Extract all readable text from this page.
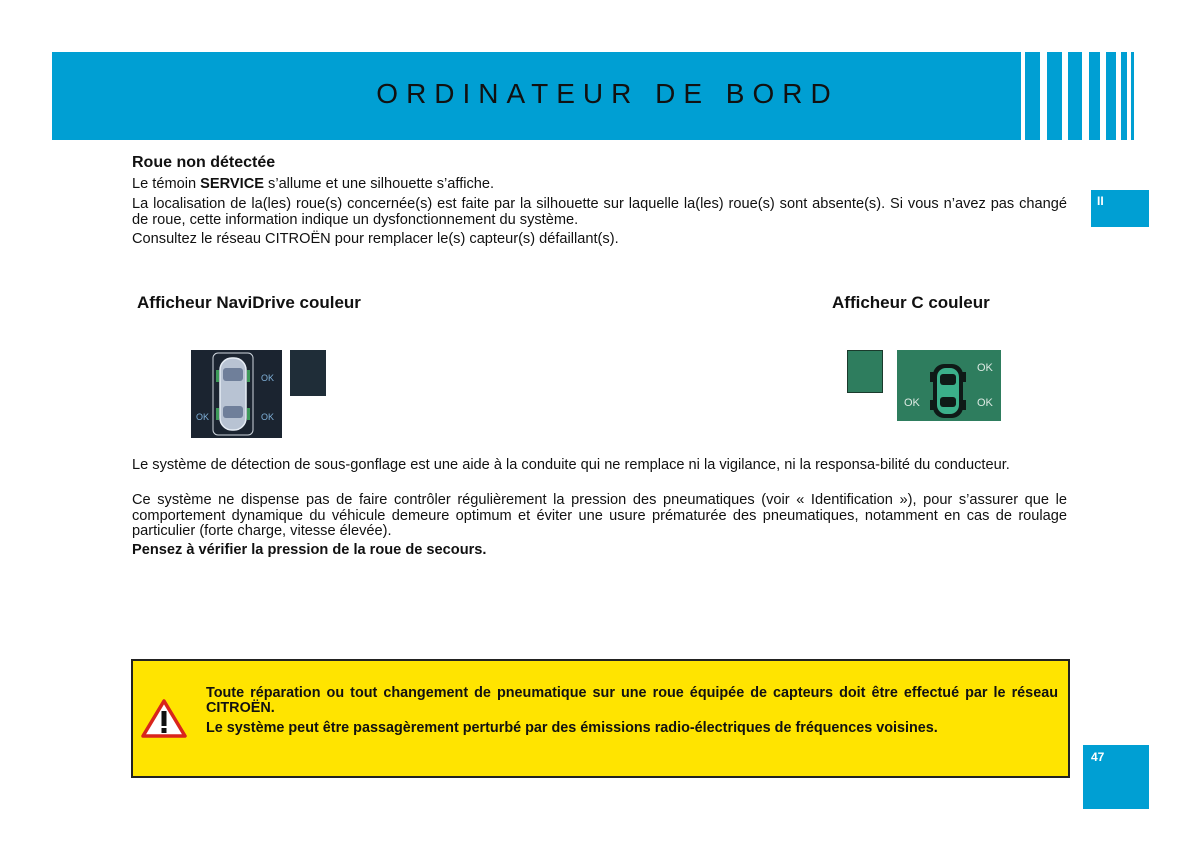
ORDINATEUR DE BORD
II
47

Roue non détectée

Le témoin SERVICE s’allume et une silhouette s’affiche.

La localisation de la(les) roue(s) concernée(s) est faite par la silhouette sur laquelle la(les) roue(s) sont absente(s). Si vous n’avez pas changé de roue, cette information indique un dysfonctionnement du système.

Consultez le réseau CITROËN pour remplacer le(s) capteur(s) défaillant(s).

Afficheur NaviDrive couleur	Afficheur C couleur

OK
OK	OK
OK
OK	OK

Le système de détection de sous-gonflage est une aide à la conduite qui ne remplace ni la vigilance, ni la responsa-bilité du conducteur.

Ce système ne dispense pas de faire contrôler régulièrement la pression des pneumatiques (voir « Identification »), pour s’assurer que le comportement dynamique du véhicule demeure optimum et éviter une usure prématurée des pneumatiques, notamment en cas de roulage particulier (forte charge, vitesse élevée).

Pensez à vérifier la pression de la roue de secours.

Toute réparation ou tout changement de pneumatique sur une roue équipée de capteurs doit être effectué par le réseau CITROËN.

Le système peut être passagèrement perturbé par des émissions radio-électriques de fréquences voisines.
